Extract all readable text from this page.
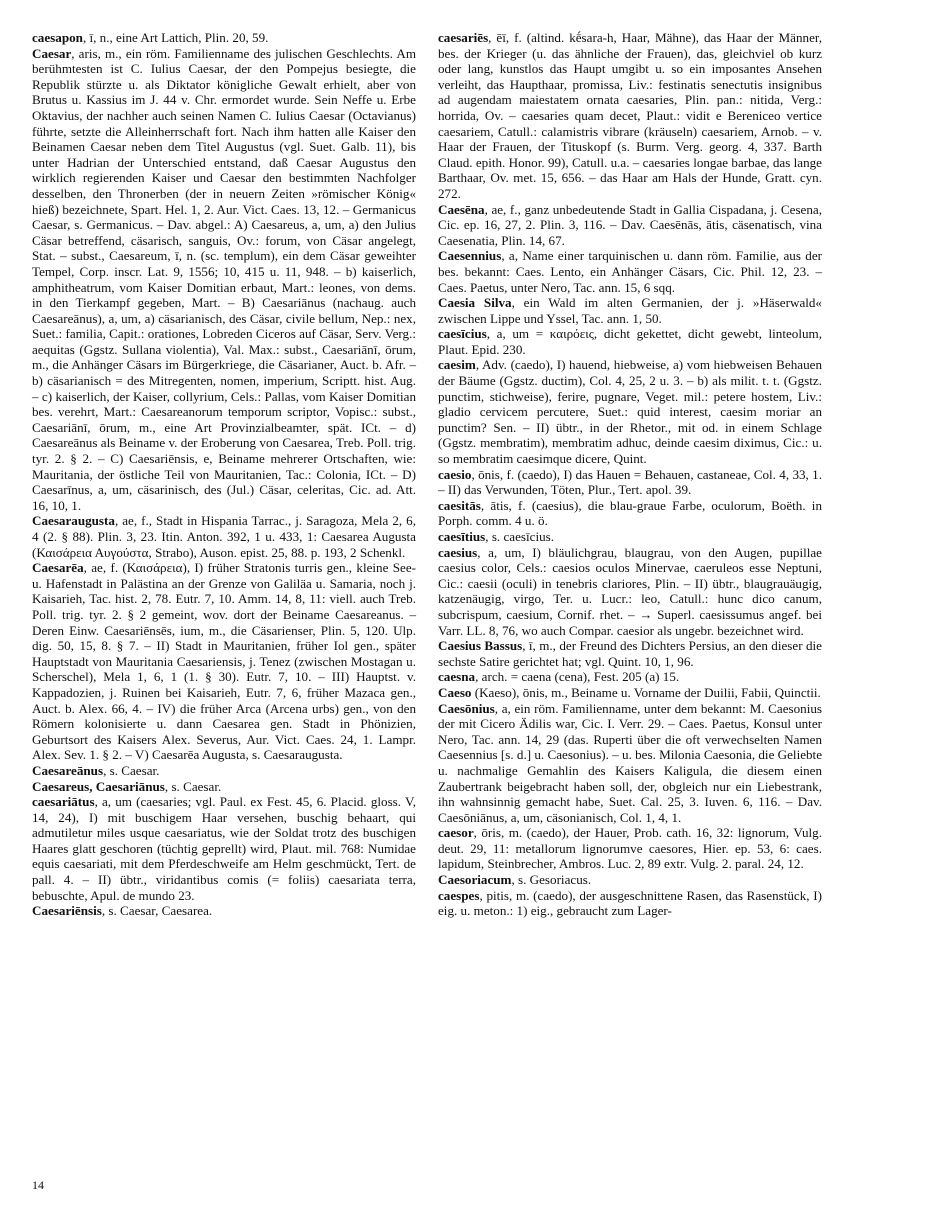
caesapon, ī, n., eine Art Lattich, Plin. 20, 59.

Caesar, aris, m., ein röm. Familienname des julischen Geschlechts. Am berühmtesten ist C. Iulius Caesar, der den Pompejus besiegte, die Republik stürzte u. als Diktator königliche Gewalt erhielt, aber von Brutus u. Kassius im J. 44 v. Chr. ermordet wurde. Sein Neffe u. Erbe Oktavius, der nachher auch seinen Namen C. Iulius Caesar (Octavianus) führte, setzte die Alleinherrschaft fort. Nach ihm hatten alle Kaiser den Beinamen Caesar neben dem Titel Augustus (vgl. Suet. Galb. 11), bis unter Hadrian der Unterschied entstand, daß Caesar Augustus den wirklich regierenden Kaiser und Caesar den bestimmten Nachfolger desselben, den Thronerben (der in neuern Zeiten »römischer König« hieß) bezeichnete, Spart. Hel. 1, 2. Aur. Vict. Caes. 13, 12. – Germanicus Caesar, s. Germanicus. – Dav. abgel.: A) Caesareus, a, um, a) den Julius Cäsar betreffend, cäsarisch, sanguis, Ov.: forum, von Cäsar angelegt, Stat. – subst., Caesareum, ī, n. (sc. templum), ein dem Cäsar geweihter Tempel, Corp. inscr. Lat. 9, 1556; 10, 415 u. 11, 948. – b) kaiserlich, amphitheatrum, vom Kaiser Domitian erbaut, Mart.: leones, von dems. in den Tierkampf gegeben, Mart. – B) Caesariānus (nachaug. auch Caesareānus), a, um, a) cäsarianisch, des Cäsar, civile bellum, Nep.: nex, Suet.: familia, Capit.: orationes, Lobreden Ciceros auf Cäsar, Serv. Verg.: aequitas (Ggstz. Sullana violentia), Val. Max.: subst., Caesariānī, ōrum, m., die Anhänger Cäsars im Bürgerkriege, die Cäsarianer, Auct. b. Afr. – b) cäsarianisch = des Mitregenten, nomen, imperium, Scriptt. hist. Aug. – c) kaiserlich, der Kaiser, collyrium, Cels.: Pallas, vom Kaiser Domitian bes. verehrt, Mart.: Caesareanorum temporum scriptor, Vopisc.: subst., Caesariānī, ōrum, m., eine Art Provinzialbeamter, spät. ICt. – d) Caesareānus als Beiname v. der Eroberung von Caesarea, Treb. Poll. trig. tyr. 2. § 2. – C) Caesariēnsis, e, Beiname mehrerer Ortschaften, wie: Mauritania, der östliche Teil von Mauritanien, Tac.: Colonia, ICt. – D) Caesarīnus, a, um, cäsarinisch, des (Jul.) Cäsar, celeritas, Cic. ad. Att. 16, 10, 1.

Caesaraugusta, ae, f., Stadt in Hispania Tarrac., j. Saragoza, Mela 2, 6, 4 (2. § 88). Plin. 3, 23. Itin. Anton. 392, 1 u. 433, 1: Caesarea Augusta (Καισάρεια Αυγούστα, Strabo), Auson. epist. 25, 88. p. 193, 2 Schenkl.

Caesarēa, ae, f. (Καισάρεια), I) früher Stratonis turris gen., kleine See- u. Hafenstadt in Palästina an der Grenze von Galiläa u. Samaria, noch j. Kaisarieh, Tac. hist. 2, 78. Eutr. 7, 10. Amm. 14, 8, 11: viell. auch Treb. Poll. trig. tyr. 2. § 2 gemeint, wov. dort der Beiname Caesareanus. – Deren Einw. Caesariēnsēs, ium, m., die Cäsarienser, Plin. 5, 120. Ulp. dig. 50, 15, 8. § 7. – II) Stadt in Mauritanien, früher Iol gen., später Hauptstadt von Mauritania Caesariensis, j. Tenez (zwischen Mostagan u. Scherschel), Mela 1, 6, 1 (1. § 30). Eutr. 7, 10. – III) Hauptst. v. Kappadozien, j. Ruinen bei Kaisarieh, Eutr. 7, 6, früher Mazaca gen., Auct. b. Alex. 66, 4. – IV) die früher Arca (Arcena urbs) gen., von den Römern kolonisierte u. dann Caesarea gen. Stadt in Phönizien, Geburtsort des Kaisers Alex. Severus, Aur. Vict. Caes. 24, 1. Lampr. Alex. Sev. 1. § 2. – V) Caesarēa Augusta, s. Caesaraugusta.

Caesareānus, s. Caesar.

Caesareus, Caesariānus, s. Caesar.

caesariātus, a, um (caesaries; vgl. Paul. ex Fest. 45, 6. Placid. gloss. V, 14, 24), I) mit buschigem Haar versehen, buschig behaart, qui admutiletur miles usque caesariatus, wie der Soldat trotz des buschigen Haares glatt geschoren (tüchtig geprellt) wird, Plaut. mil. 768: Numidae equis caesariati, mit dem Pferdeschweife am Helm geschmückt, Tert. de pall. 4. – II) übtr., viridantibus comis (= foliis) caesariata terra, bebuschte, Apul. de mundo 23.

Caesariēnsis, s. Caesar, Caesarea.

caesariēs, ēī, f. (altind. kḗsara-h, Haar, Mähne), das Haar der Männer, bes. der Krieger (u. das ähnliche der Frauen), das, gleichviel ob kurz oder lang, kunstlos das Haupt umgibt u. so ein imposantes Ansehen verleiht, das Haupthaar, promissa, Liv.: festinatis senectutis insignibus ad augendam maiestatem ornata caesaries, Plin. pan.: nitida, Verg.: horrida, Ov. – caesaries quam decet, Plaut.: vidit e Bereniceo vertice caesariem, Catull.: calamistris vibrare (kräuseln) caesariem, Arnob. – v. Haar der Frauen, der Tituskopf (s. Burm. Verg. georg. 4, 337. Barth Claud. epith. Honor. 99), Catull. u.a. – caesaries longae barbae, das lange Barthaar, Ov. met. 15, 656. – das Haar am Hals der Hunde, Gratt. cyn. 272.

Caesēna, ae, f., ganz unbedeutende Stadt in Gallia Cispadana, j. Cesena, Cic. ep. 16, 27, 2. Plin. 3, 116. – Dav. Caesēnās, ātis, cäsenatisch, vina Caesenatia, Plin. 14, 67.

Caesennius, a, Name einer tarquinischen u. dann röm. Familie, aus der bes. bekannt: Caes. Lento, ein Anhänger Cäsars, Cic. Phil. 12, 23. – Caes. Paetus, unter Nero, Tac. ann. 15, 6 sqq.

Caesia Silva, ein Wald im alten Germanien, der j. »Häserwald« zwischen Lippe und Yssel, Tac. ann. 1, 50.

caesīcius, a, um = καιρόεις, dicht gekettet, dicht gewebt, linteolum, Plaut. Epid. 230.

caesim, Adv. (caedo), I) hauend, hiebweise, a) vom hiebweisen Behauen der Bäume (Ggstz. ductim), Col. 4, 25, 2 u. 3. – b) als milit. t. t. (Ggstz. punctim, stichweise), ferire, pugnare, Veget. mil.: petere hostem, Liv.: gladio cervicem percutere, Suet.: quid interest, caesim moriar an punctim? Sen. – II) übtr., in der Rhetor., mit od. in einem Schlage (Ggstz. membratim), membratim adhuc, deinde caesim diximus, Cic.: u. so membratim caesimque dicere, Quint.

caesio, ōnis, f. (caedo), I) das Hauen = Behauen, castaneae, Col. 4, 33, 1. – II) das Verwunden, Töten, Plur., Tert. apol. 39.

caesitās, ātis, f. (caesius), die blau-graue Farbe, oculorum, Boëth. in Porph. comm. 4 u. ö.

caesītius, s. caesīcius.

caesius, a, um, I) bläulichgrau, blaugrau, von den Augen, pupillae caesius color, Cels.: caesios oculos Minervae, caeruleos esse Neptuni, Cic.: caesii (oculi) in tenebris clariores, Plin. – II) übtr., blaugrauäugig, katzenäugig, virgo, Ter. u. Lucr.: leo, Catull.: hunc dico canum, subcrispum, caesium, Cornif. rhet. – → Superl. caesissumus angef. bei Varr. LL. 8, 76, wo auch Compar. caesior als ungebr. bezeichnet wird.

Caesius Bassus, ī, m., der Freund des Dichters Persius, an den dieser die sechste Satire gerichtet hat; vgl. Quint. 10, 1, 96.

caesna, arch. = caena (cena), Fest. 205 (a) 15.

Caeso (Kaeso), ōnis, m., Beiname u. Vorname der Duilii, Fabii, Quinctii.

Caesōnius, a, ein röm. Familienname, unter dem bekannt: M. Caesonius der mit Cicero Ädilis war, Cic. I. Verr. 29. – Caes. Paetus, Konsul unter Nero, Tac. ann. 14, 29 (das. Ruperti über die oft verwechselten Namen Caesennius [s. d.] u. Caesonius). – u. bes. Milonia Caesonia, die Geliebte u. nachmalige Gemahlin des Kaisers Kaligula, die diesem einen Zaubertrank beigebracht haben soll, der, obgleich nur ein Liebestrank, ihn wahnsinnig gemacht habe, Suet. Cal. 25, 3. Iuven. 6, 116. – Dav. Caesōniānus, a, um, cäsonianisch, Col. 1, 4, 1.

caesor, ōris, m. (caedo), der Hauer, Prob. cath. 16, 32: lignorum, Vulg. deut. 29, 11: metallorum lignorumve caesores, Hier. ep. 53, 6: caes. lapidum, Steinbrecher, Ambros. Luc. 2, 89 extr. Vulg. 2. paral. 24, 12.

Caesoriacum, s. Gesoriacus.

caespes, pitis, m. (caedo), der ausgeschnittene Rasen, das Rasenstück, I) eig. u. meton.: 1) eig., gebraucht zum Lager-

14
